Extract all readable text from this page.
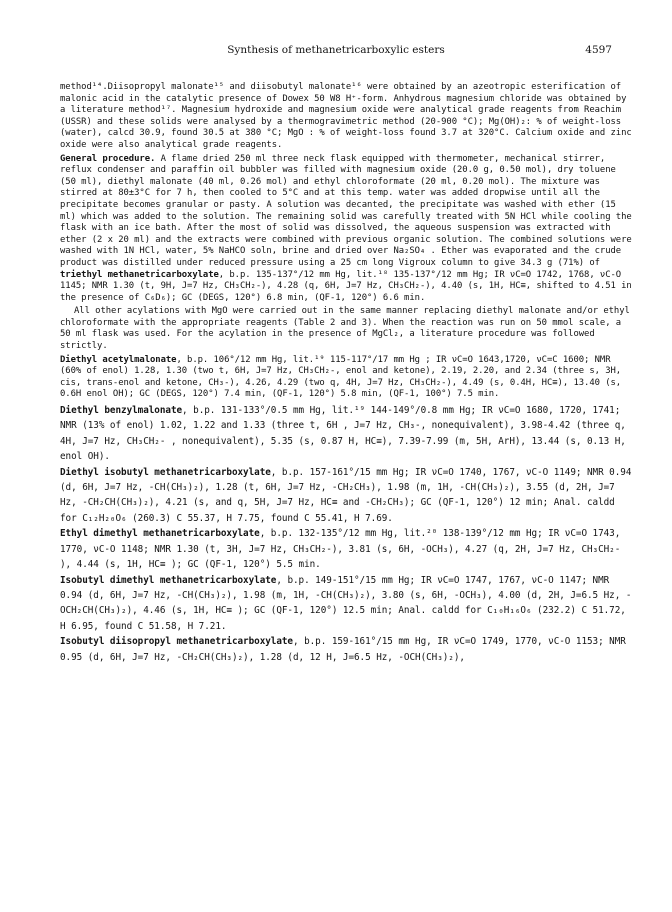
Synthesis of methanetricarboxylic esters	4597

method¹⁴.Diisopropyl malonate¹⁵ and diisobutyl malonate¹⁶ were obtained by an azeotropic esterification of malonic acid in the catalytic presence of Dowex 50 W8 H⁺-form. Anhydrous magnesium chloride was obtained by a literature method¹⁷. Magnesium hydroxide and magnesium oxide were analytical grade reagents from Reachim (USSR) and these solids were analysed by a thermogravimetric method (20-900 °C); Mg(OH)₂: % of weight-loss (water), calcd 30.9, found 30.5 at 380 °C; MgO : % of weight-loss found 3.7 at 320°C. Calcium oxide and zinc oxide were also analytical grade reagents.

General procedure. A flame dried 250 ml three neck flask equipped with thermometer, mechanical stirrer, reflux condenser and paraffin oil bubbler was filled with magnesium oxide (20.0 g, 0.50 mol), dry toluene (50 ml), diethyl malonate (40 ml, 0.26 mol) and ethyl chloroformate (20 ml, 0.20 mol). The mixture was stirred at 80±3°C for 7 h, then cooled to 5°C and at this temp. water was added dropwise until all the precipitate becomes granular or pasty. A solution was decanted, the precipitate was washed with ether (15 ml) which was added to the solution. The remaining solid was carefully treated with 5N HCl while cooling the flask with an ice bath. After the most of solid was dissolved, the aqueous suspension was extracted with ether (2 x 20 ml) and the extracts were combined with previous organic solution. The combined solutions were washed with 1N HCl, water, 5% NaHCO soln, brine and dried over Na₂SO₄ . Ether was evaporated and the crude product was distilled under reduced pressure using a 25 cm long Vigroux column to give 34.3 g (71%) of triethyl methanetricarboxylate, b.p. 135-137°/12 mm Hg, lit.¹⁸ 135-137°/12 mm Hg; IR νC=O 1742, 1768, νC-O 1145; NMR 1.30 (t, 9H, J=7 Hz, CH₃CH₂-), 4.28 (q, 6H, J=7 Hz, CH₃CH₂-), 4.40 (s, 1H, HC≡, shifted to 4.51 in the presence of C₆D₆); GC (DEGS, 120°) 6.8 min, (QF-1, 120°) 6.6 min.

All other acylations with MgO were carried out in the same manner replacing diethyl malonate and/or ethyl chloroformate with the appropriate reagents (Table 2 and 3). When the reaction was run on 50 mmol scale, a 50 ml flask was used. For the acylation in the presence of MgCl₂, a literature procedure was followed strictly.

Diethyl acetylmalonate, b.p. 106°/12 mm Hg, lit.¹⁹ 115-117°/17 mm Hg ; IR νC=O 1643,1720, νC=C 1600; NMR (60% of enol) 1.28, 1.30 (two t, 6H, J=7 Hz, CH₃CH₂-, enol and ketone), 2.19, 2.20, and 2.34 (three s, 3H, cis, trans-enol and ketone, CH₃-), 4.26, 4.29 (two q, 4H, J=7 Hz, CH₃CH₂-), 4.49 (s, 0.4H, HC≡), 13.40 (s, 0.6H enol OH); GC (DEGS, 120°) 7.4 min, (QF-1, 120°) 5.8 min, (QF-1, 100°) 7.5 min.

Diethyl benzylmalonate, b.p. 131-133°/0.5 mm Hg, lit.¹⁹ 144-149°/0.8 mm Hg; IR νC=O 1680, 1720, 1741; NMR (13% of enol) 1.02, 1.22 and 1.33 (three t, 6H , J=7 Hz, CH₃-, nonequivalent), 3.98-4.42 (three q, 4H, J=7 Hz, CH₃CH₂- , nonequivalent), 5.35 (s, 0.87 H, HC≡), 7.39-7.99 (m, 5H, ArH), 13.44 (s, 0.13 H, enol OH).

Diethyl isobutyl methanetricarboxylate, b.p. 157-161°/15 mm Hg; IR νC=O 1740, 1767, νC-O 1149; NMR 0.94 (d, 6H, J=7 Hz, -CH(CH₃)₂), 1.28 (t, 6H, J=7 Hz, -CH₂CH₃), 1.98 (m, 1H, -CH(CH₃)₂), 3.55 (d, 2H, J=7 Hz, -CH₂CH(CH₃)₂), 4.21 (s, and q, 5H, J=7 Hz, HC≡ and -CH₂CH₃); GC (QF-1, 120°) 12 min; Anal. caldd for C₁₂H₂₀O₆ (260.3) C 55.37, H 7.75, found C 55.41, H 7.69.

Ethyl dimethyl methanetricarboxylate, b.p. 132-135°/12 mm Hg, lit.²⁰ 138-139°/12 mm Hg; IR νC=O 1743, 1770, νC-O 1148; NMR 1.30 (t, 3H, J=7 Hz, CH₃CH₂-), 3.81 (s, 6H, -OCH₃), 4.27 (q, 2H, J=7 Hz, CH₃CH₂- ), 4.44 (s, 1H, HC≡ ); GC (QF-1, 120°) 5.5 min.

Isobutyl dimethyl methanetricarboxylate, b.p. 149-151°/15 mm Hg; IR νC=O 1747, 1767, νC-O 1147; NMR 0.94 (d, 6H, J=7 Hz, -CH(CH₃)₂), 1.98 (m, 1H, -CH(CH₃)₂), 3.80 (s, 6H, -OCH₃), 4.00 (d, 2H, J=6.5 Hz, -OCH₂CH(CH₃)₂), 4.46 (s, 1H, HC≡ ); GC (QF-1, 120°) 12.5 min; Anal. caldd for C₁₀H₁₆O₆ (232.2) C 51.72, H 6.95, found C 51.58, H 7.21.

Isobutyl diisopropyl methanetricarboxylate, b.p. 159-161°/15 mm Hg, IR νC=O 1749, 1770, νC-O 1153; NMR 0.95 (d, 6H, J=7 Hz, -CH₂CH(CH₃)₂), 1.28 (d, 12 H, J=6.5 Hz, -OCH(CH₃)₂),
